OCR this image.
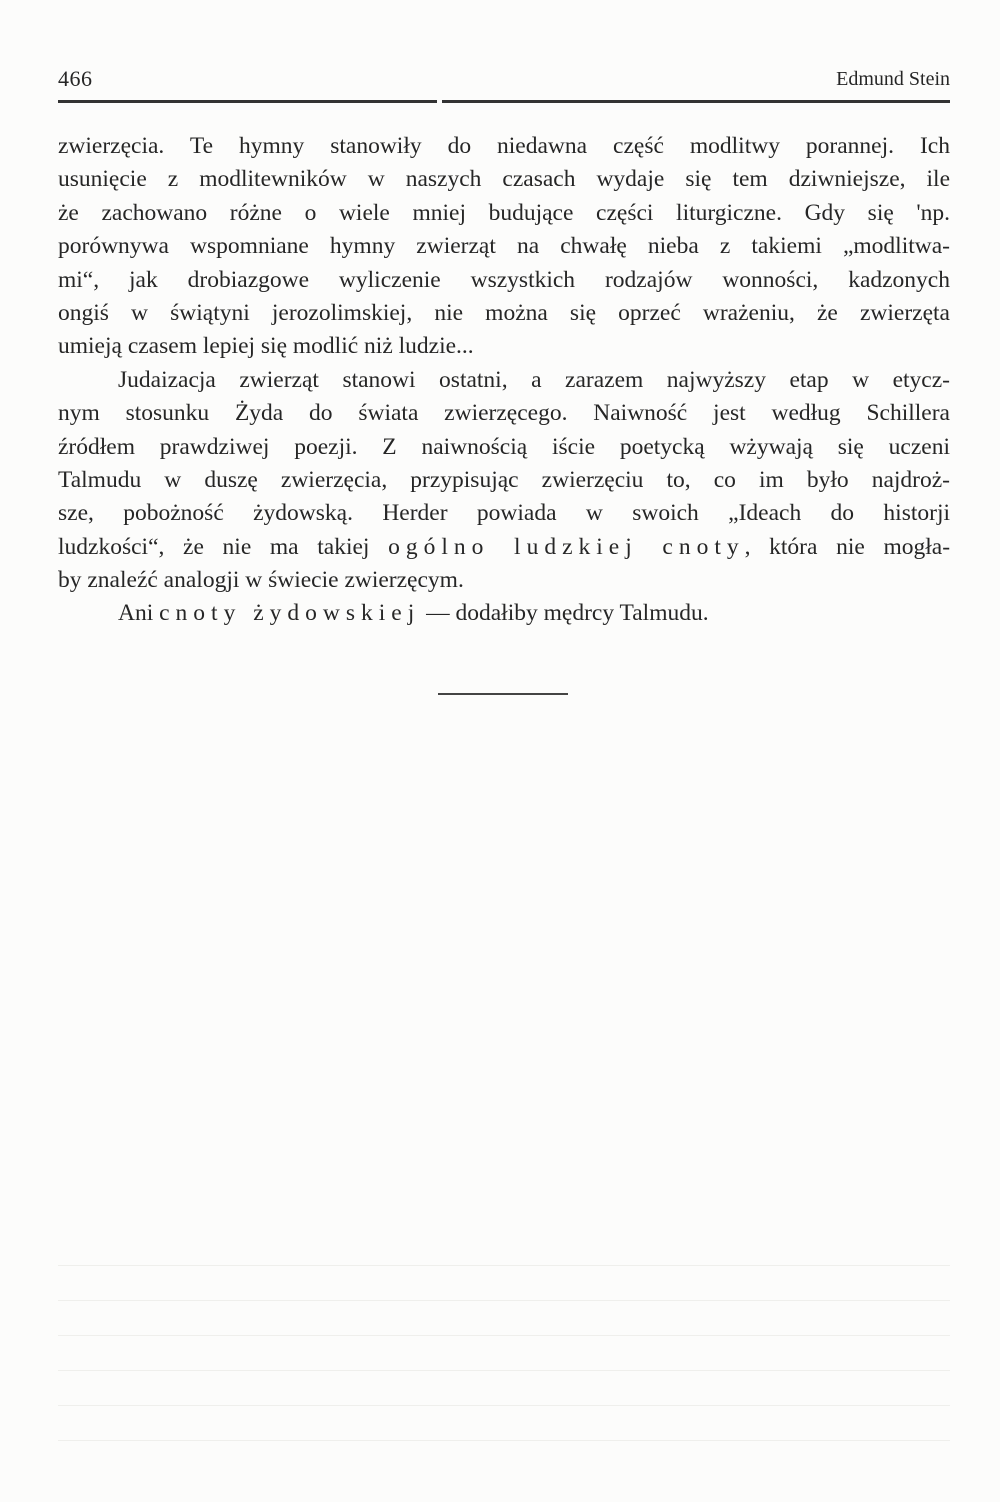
466	Edmund Stein
zwierzęcia. Te hymny stanowiły do niedawna część modlitwy porannej. Ich
usunięcie z modlitewników w naszych czasach wydaje się tem dziwniejsze, ile
że zachowano różne o wiele mniej budujące części liturgiczne. Gdy się 'np.
porównywa wspomniane hymny zwierząt na chwałę nieba z takiemi „modlitwa-
mi“, jak drobiazgowe wyliczenie wszystkich rodzajów wonności, kadzonych
ongiś w świątyni jerozolimskiej, nie można się oprzeć wrażeniu, że zwierzęta
umieją czasem lepiej się modlić niż ludzie...
Judaizacja zwierząt stanowi ostatni, a zarazem najwyższy etap w etycz-
nym stosunku Żyda do świata zwierzęcego. Naiwność jest według Schillera
źródłem prawdziwej poezji. Z naiwnością iście poetycką wżywają się uczeni
Talmudu w duszę zwierzęcia, przypisując zwierzęciu to, co im było najdroż-
sze, pobożność żydowską. Herder powiada w swoich „Ideach do historji
ludzkości“, że nie ma takiej ogólno ludzkiej cnoty, która nie mogła-
by znaleźć analogji w świecie zwierzęcym.
Ani cnoty żydowskiej — dodałiby mędrcy Talmudu.
